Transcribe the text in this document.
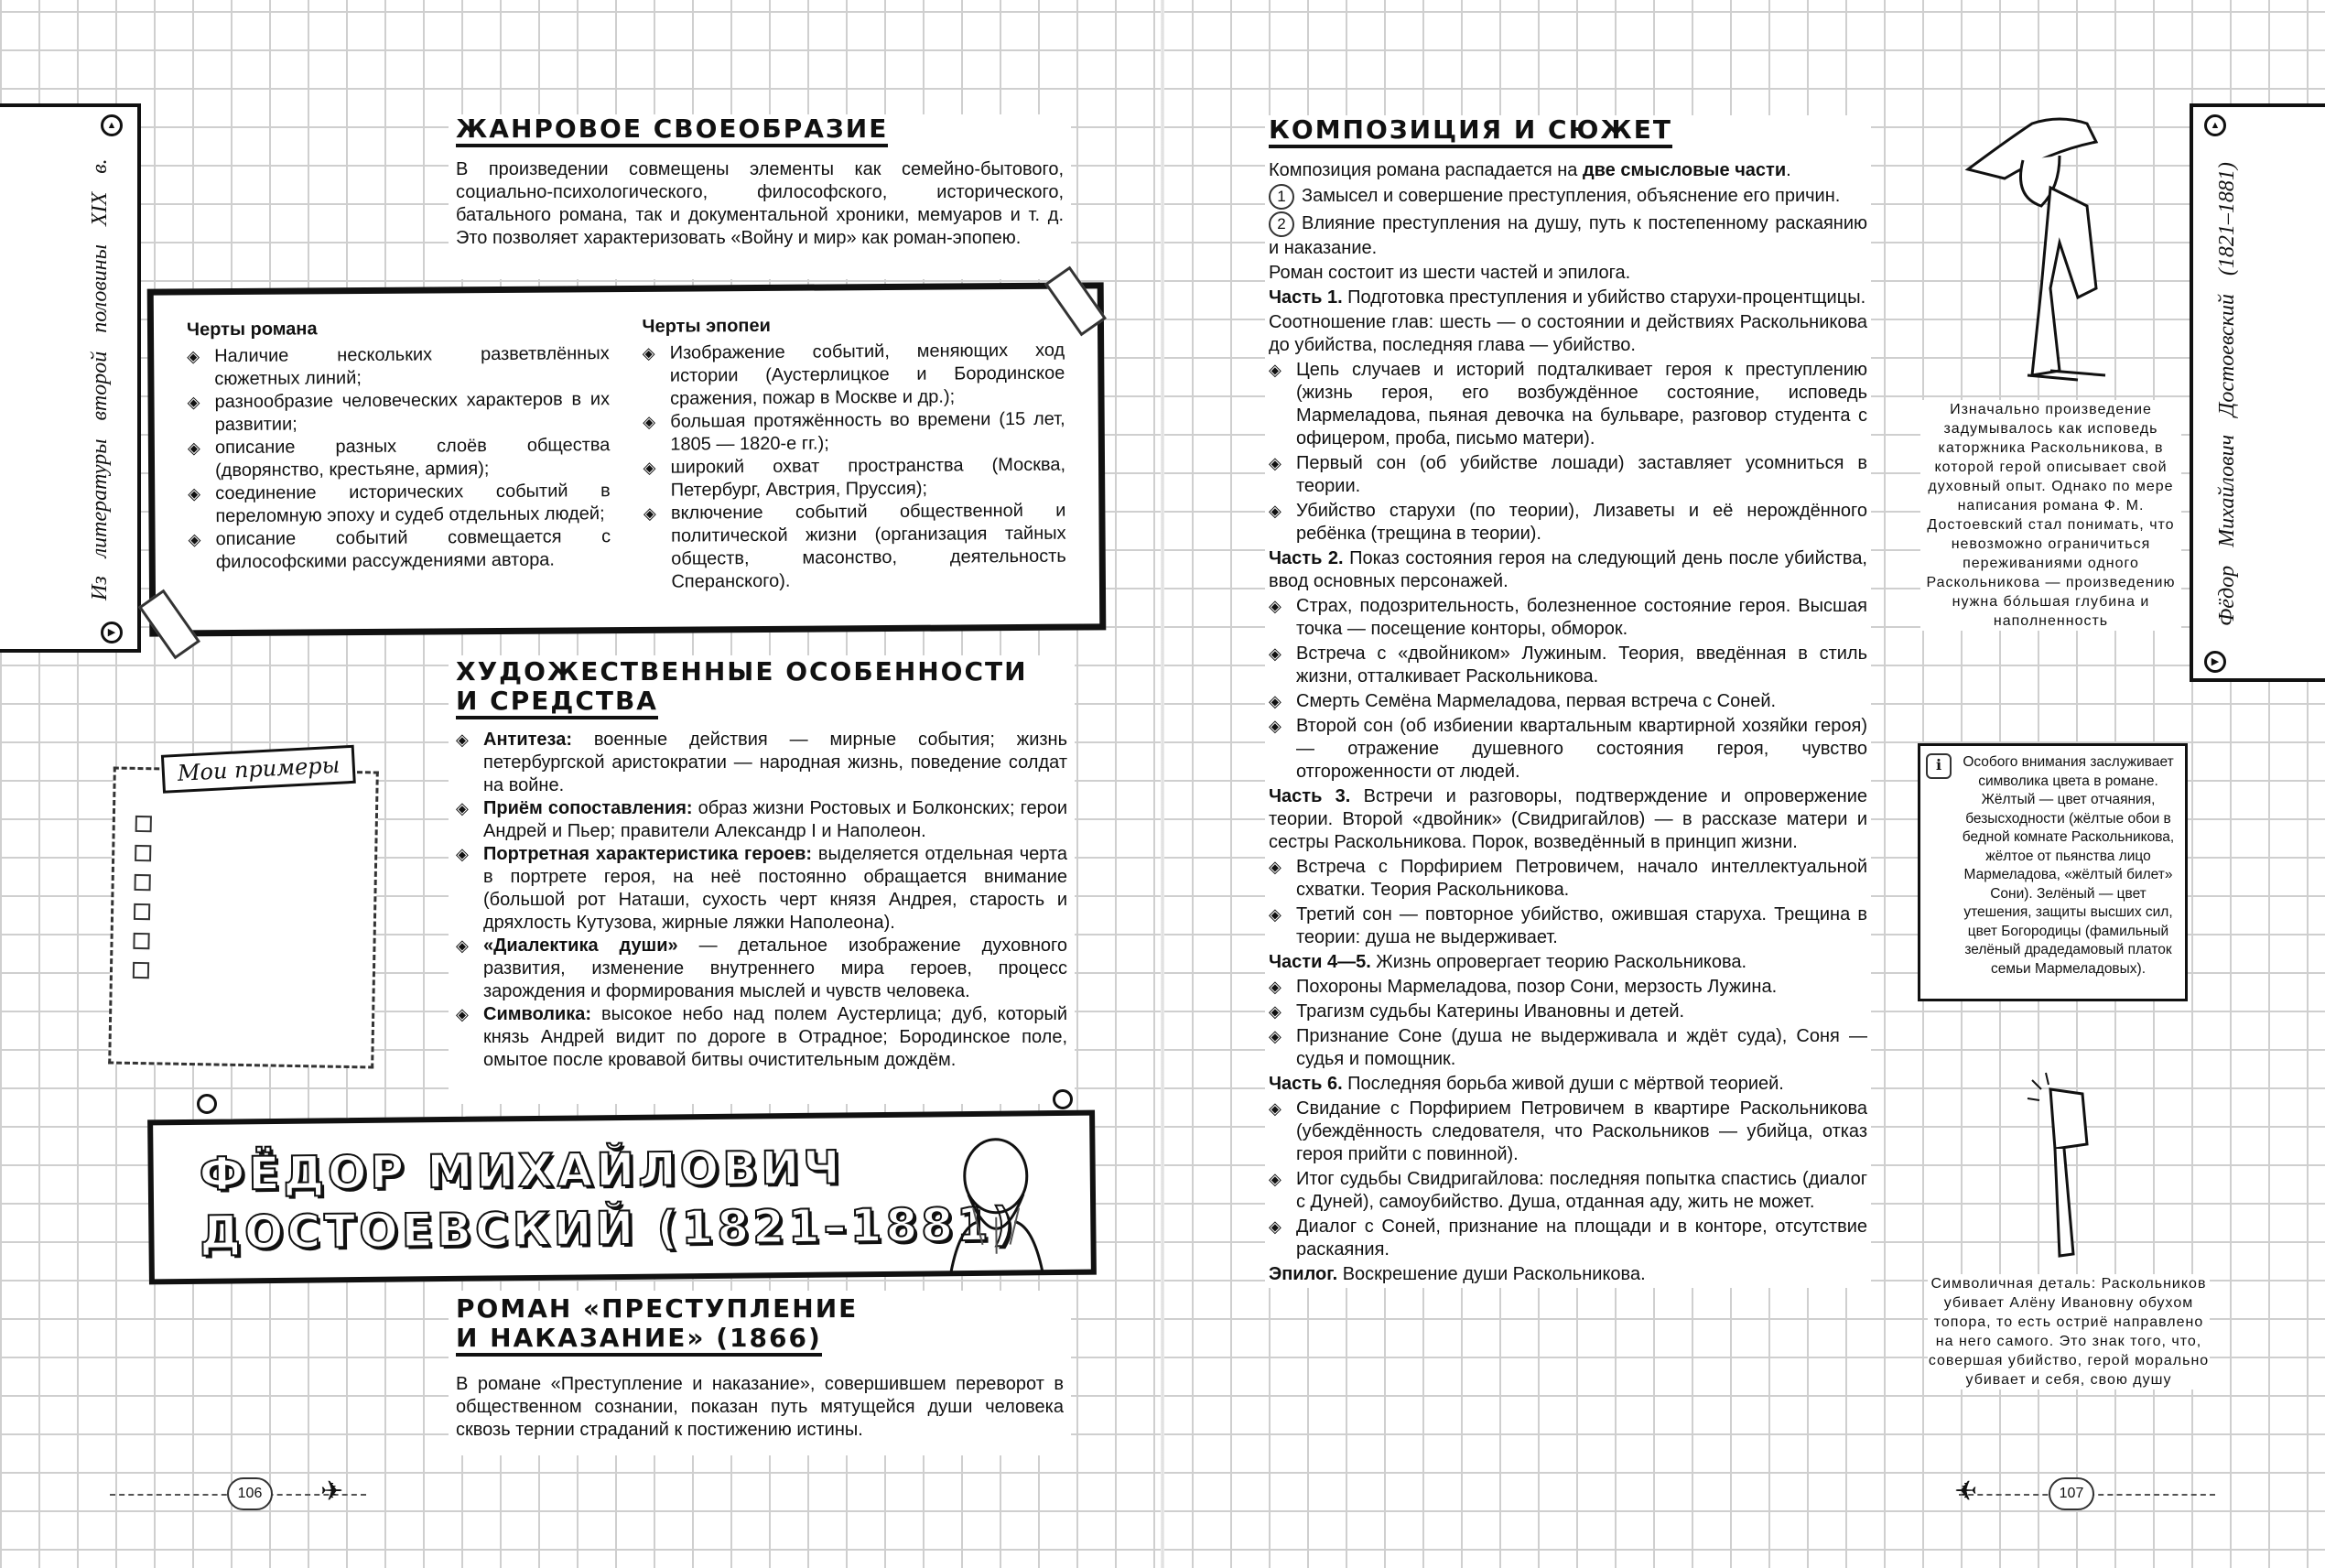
▲
Из литературы второй половины XIX в.
▶
ЖАНРОВОЕ СВОЕОБРАЗИЕ

В произведении совмещены элементы как семейно-бытового, социально-психологического, философского, исторического, батального романа, так и документальной хроники, мемуаров и т. д. Это позволяет характеризовать «Войну и мир» как роман-эпопею.

Черты романа
◈ Наличие нескольких разветвлённых сюжетных линий;
◈ разнообразие человеческих характеров в их развитии;
◈ описание разных слоёв общества (дворянство, крестьяне, армия);
◈ соединение исторических событий в переломную эпоху и судеб отдельных людей;
◈ описание событий совмещается с философскими рассуждениями автора.
Черты эпопеи
◈ Изображение событий, меняющих ход истории (Аустерлицкое и Бородинское сражения, пожар в Москве и др.);
◈ большая протяжённость во времени (15 лет, 1805 — 1820-е гг.);
◈ широкий охват пространства (Москва, Петербург, Австрия, Пруссия);
◈ включение событий общественной и политической жизни (организация тайных обществ, масонство, деятельность Сперанского).
ХУДОЖЕСТВЕННЫЕ ОСОБЕННОСТИ
И СРЕДСТВА
◈ Антитеза: военные действия — мирные события; жизнь петербургской аристократии — народная жизнь, поведение солдат на войне.
◈ Приём сопоставления: образ жизни Ростовых и Болконских; герои Андрей и Пьер; правители Александр I и Наполеон.
◈ Портретная характеристика героев: выделяется отдельная черта в портрете героя, на неё постоянно обращается внимание (большой рот Наташи, сухость черт князя Андрея, старость и дряхлость Кутузова, жирные ляжки Наполеона).
◈ «Диалектика души» — детальное изображение духовного развития, изменение внутреннего мира героев, процесс зарождения и формирования мыслей и чувств человека.
◈ Символика: высокое небо над полем Аустерлица; дуб, который князь Андрей видит по дороге в Отрадное; Бородинское поле, омытое после кровавой битвы очистительным дождём.
Мои примеры
ФЁДОР МИХАЙЛОВИЧ
ДОСТОЕВСКИЙ (1821–1881)
РОМАН «ПРЕСТУПЛЕНИЕ
И НАКАЗАНИЕ» (1866)

В романе «Преступление и наказание», совершившем переворот в общественном сознании, показан путь мятущейся души человека сквозь тернии страданий к постижению истины.

106	✈
КОМПОЗИЦИЯ И СЮЖЕТ

Композиция романа распадается на две смысловые части.

1 Замысел и совершение преступления, объяснение его причин.

2 Влияние преступления на душу, путь к постепенному раскаянию и наказание.

Роман состоит из шести частей и эпилога.

Часть 1. Подготовка преступления и убийство старухи-процентщицы.

Соотношение глав: шесть — о состоянии и действиях Раскольникова до убийства, последняя глава — убийство.

◈ Цепь случаев и историй подталкивает героя к преступлению (жизнь героя, его возбуждённое состояние, исповедь Мармеладова, пьяная девочка на бульваре, разговор студента с офицером, проба, письмо матери).
◈ Первый сон (об убийстве лошади) заставляет усомниться в теории.
◈ Убийство старухи (по теории), Лизаветы и её нерождённого ребёнка (трещина в теории).

Часть 2. Показ состояния героя на следующий день после убийства, ввод основных персонажей.

◈ Страх, подозрительность, болезненное состояние героя. Высшая точка — посещение конторы, обморок.
◈ Встреча с «двойником» Лужиным. Теория, введённая в стиль жизни, отталкивает Раскольникова.
◈ Смерть Семёна Мармеладова, первая встреча с Соней.
◈ Второй сон (об избиении квартальным квартирной хозяйки героя) — отражение душевного состояния героя, чувство отгороженности от людей.

Часть 3. Встречи и разговоры, подтверждение и опровержение теории. Второй «двойник» (Свидригайлов) — в рассказе матери и сестры Раскольникова. Порок, возведённый в принцип жизни.

◈ Встреча с Порфирием Петровичем, начало интеллектуальной схватки. Теория Раскольникова.
◈ Третий сон — повторное убийство, ожившая старуха. Трещина в теории: душа не выдерживает.

Части 4—5. Жизнь опровергает теорию Раскольникова.

◈ Похороны Мармеладова, позор Сони, мерзость Лужина.
◈ Трагизм судьбы Катерины Ивановны и детей.
◈ Признание Соне (душа не выдерживала и ждёт суда), Соня — судья и помощник.

Часть 6. Последняя борьба живой души с мёртвой теорией.

◈ Свидание с Порфирием Петровичем в квартире Раскольникова (убеждённость следователя, что Раскольников — убийца, отказ героя прийти с повинной).
◈ Итог судьбы Свидригайлова: последняя попытка спастись (диалог с Дуней), самоубийство. Душа, отданная аду, жить не может.
◈ Диалог с Соней, признание на площади и в конторе, отсутствие раскаяния.

Эпилог. Воскрешение души Раскольникова.

Изначально произведение задумывалось как исповедь каторжника Раскольникова, в которой герой описывает свой духовный опыт. Однако по мере написания романа Ф. М. Достоевский стал понимать, что невозможно ограничиться переживаниями одного Раскольникова — произведению нужна бóльшая глубина и наполненность
▲
Фёдор Михайлович Достоевский (1821–1881)
▶
ℹ	Особого внимания заслуживает символика цвета в романе. Жёлтый — цвет отчаяния, безысходности (жёлтые обои в бедной комнате Раскольникова, жёлтое от пьянства лицо Мармеладова, «жёлтый билет» Сони). Зелёный — цвет утешения, защиты высших сил, цвет Богородицы (фамильный зелёный драдедамовый платок семьи Мармеладовых).
Символичная деталь: Раскольников убивает Алёну Ивановну обухом топора, то есть остриё направлено на него самого. Это знак того, что, совершая убийство, герой морально убивает и себя, свою душу
✈	107
